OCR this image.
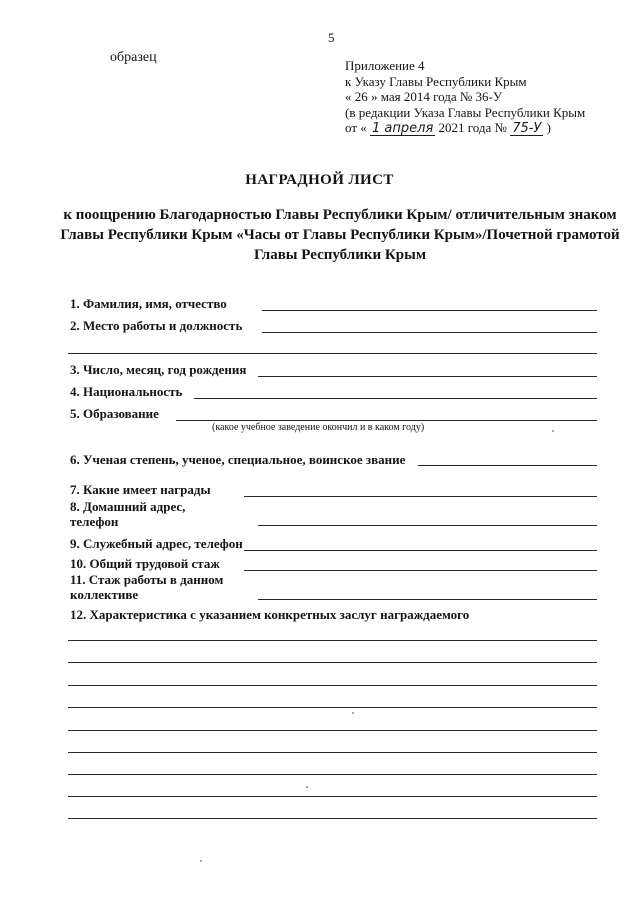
5
образец
Приложение 4
к Указу Главы Республики Крым
« 26 » мая 2014 года № 36-У
(в редакции Указа Главы Республики Крым
от « 1 апреля 2021 года № 75-У )
НАГРАДНОЙ ЛИСТ
к поощрению Благодарностью Главы Республики Крым/ отличительным знаком Главы Республики Крым «Часы от Главы Республики Крым»/Почетной грамотой Главы Республики Крым
1. Фамилия, имя, отчество
2. Место работы и должность
3. Число, месяц, год рождения
4. Национальность
5. Образование
(какое учебное заведение окончил и в каком году)
6. Ученая степень, ученое, специальное, воинское звание
7. Какие имеет награды
8. Домашний адрес,
телефон
9. Служебный адрес, телефон
10. Общий трудовой стаж
11. Стаж работы в данном
коллективе
12. Характеристика с указанием конкретных заслуг награждаемого
